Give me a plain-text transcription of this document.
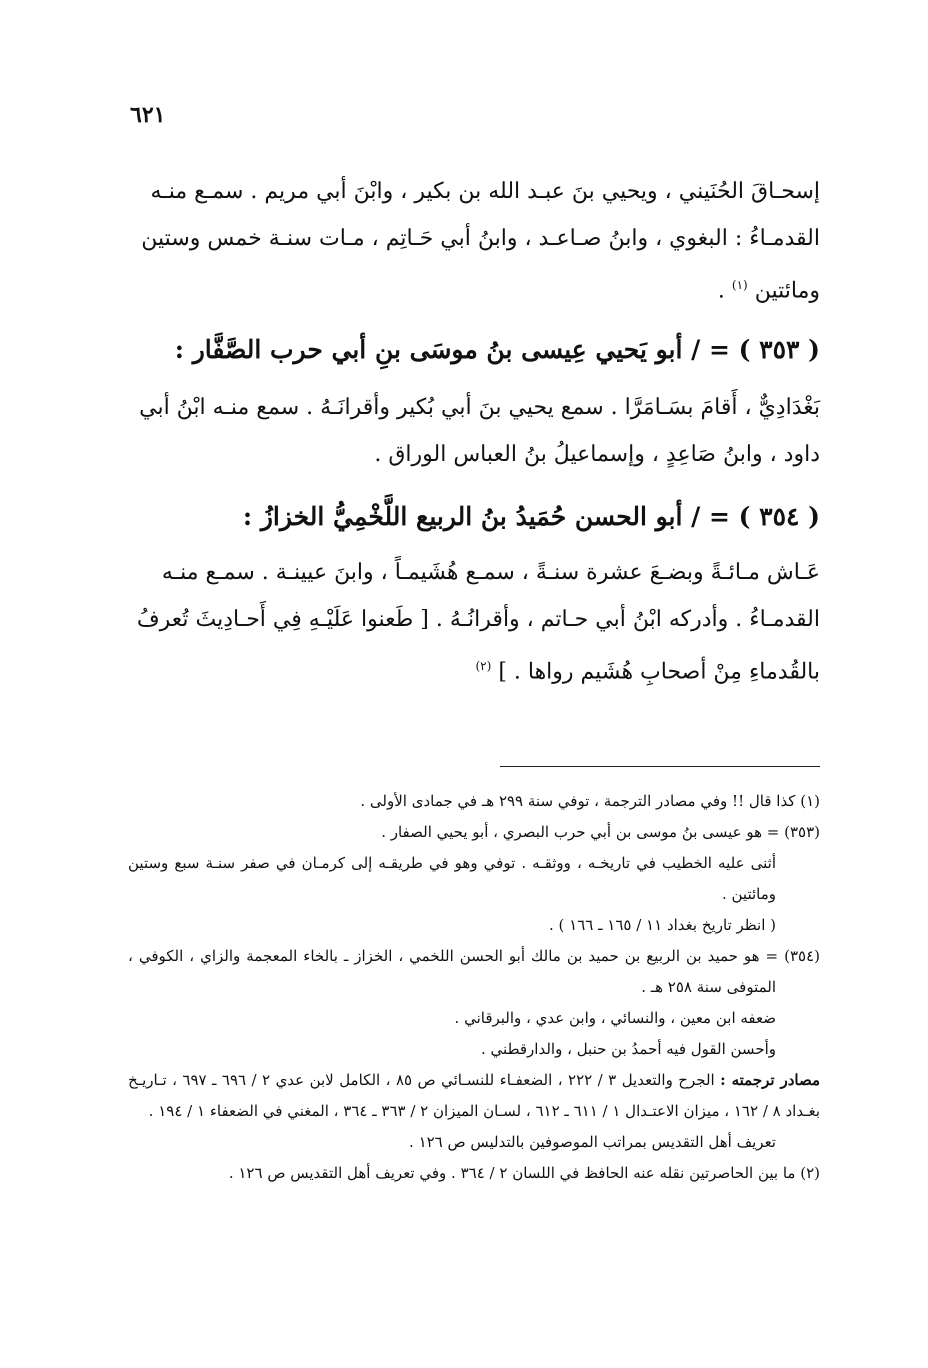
٦٢١

إسحـاقَ الحُنَيني ، ويحيي بنَ عبـد الله بن بكير ، وابْنَ أبي مريم . سمـع منـه

القدمـاءُ : البغوي ، وابنُ صـاعـد ، وابنُ أبي حَـاتِم ، مـات سنـة خمس وستين

ومائتين $^{(١)}$ .

( ٣٥٣ ) = / أبو يَحيي عِيسى بنُ موسَى بنِ أبي حرب الصَّفَّار :

بَغْدَادِيٌّ ، أَقامَ بسَـامَرَّا . سمع يحيي بنَ أبي بُكير وأقرانَـهُ . سمع منـه ابْنُ أبي

داود ، وابنُ صَاعِدٍ ، وإسماعيلُ بنُ العباس الوراق .

( ٣٥٤ ) = / أبو الحسن حُمَيدُ بنُ الربيع اللَّخْمِيُّ الخزازُ :

عَـاش مـائـةً وبضـعَ عشرة سنـةً ، سمـع هُشَيمـاً ، وابنَ عيينـة . سمـع منـه

القدمـاءُ . وأدركه ابْنُ أبي حـاتم ، وأقرانُـهُ . [ طَعنوا عَلَيْـهِ فِي أَحـادِيثَ تُعرفُ

بالقُدماءِ مِنْ أصحابِ هُشَيم رواها . ] $^{(٢)}$

(١) كذا قال !! وفي مصادر الترجمة ، توفي سنة ٢٩٩ هـ في جمادى الأولى .

(٣٥٣) = هو عيسى بنُ موسى بن أبي حرب البصري ، أبو يحيي الصفار .

أثنى عليه الخطيب في تاريخـه ، ووثقـه . توفي وهو في طريقـه إلى كرمـان في صفر سنـة سبع وستين ومائتين .

( انظر تاريخ بغداد ١١ / ١٦٥ ـ ١٦٦ ) .

(٣٥٤) = هو حميد بن الربيع بن حميد بن مالك أبو الحسن اللخمي ، الخزاز ـ بالخاء المعجمة والزاي ، الكوفي ، المتوفى سنة ٢٥٨ هـ .

ضعفه ابن معين ، والنسائي ، وابن عدي ، والبرقاني .

وأحسن القول فيه أحمدُ بن حنبل ، والدارقطني .

مصادر ترجمته : الجرح والتعديل ٣ / ٢٢٢ ، الضعفـاء للنسـائي ص ٨٥ ، الكامل لابن عدي ٢ / ٦٩٦ ـ ٦٩٧ ، تـاريـخ بغـداد ٨ / ١٦٢ ، ميزان الاعتـدال ١ / ٦١١ ـ ٦١٢ ، لسـان الميزان ٢ / ٣٦٣ ـ ٣٦٤ ، المغني في الضعفاء ١ / ١٩٤ .

تعريف أهل التقديس بمراتب الموصوفين بالتدليس ص ١٢٦ .

(٢) ما بين الحاصرتين نقله عنه الحافظ في اللسان ٢ / ٣٦٤ . وفي تعريف أهل التقديس ص ١٢٦ .
